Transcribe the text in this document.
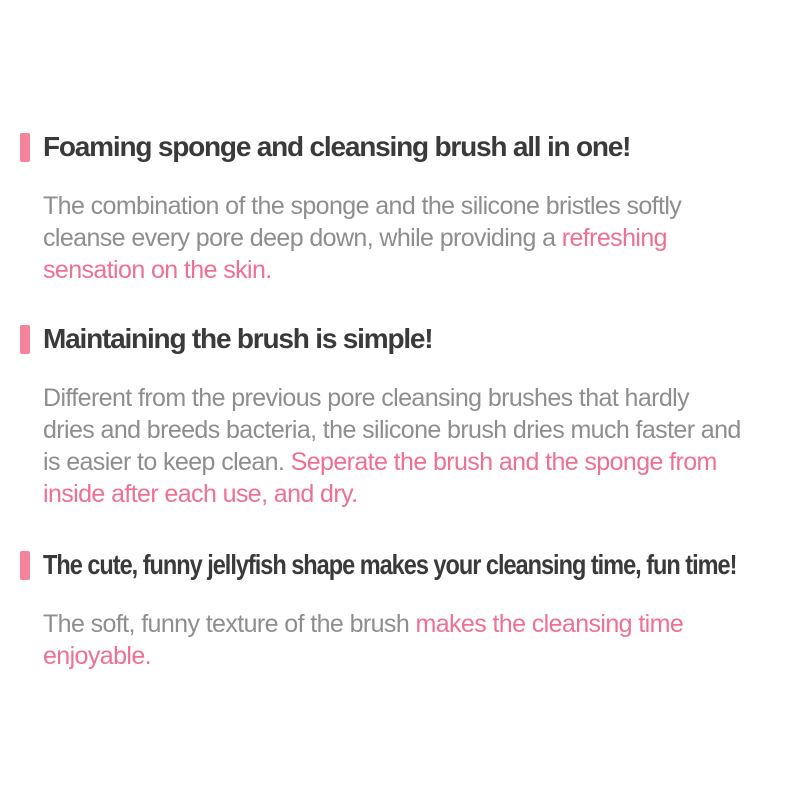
Foaming sponge and cleansing brush all in one!

The combination of the sponge and the silicone bristles softly cleanse every pore deep down, while providing a refreshing sensation on the skin.

Maintaining the brush is simple!

Different from the previous pore cleansing brushes that hardly dries and breeds bacteria, the silicone brush dries much faster and is easier to keep clean. Seperate the brush and the sponge from inside after each use, and dry.

The cute, funny jellyfish shape makes your cleansing time, fun time!

The soft, funny texture of the brush makes the cleansing time enjoyable.
